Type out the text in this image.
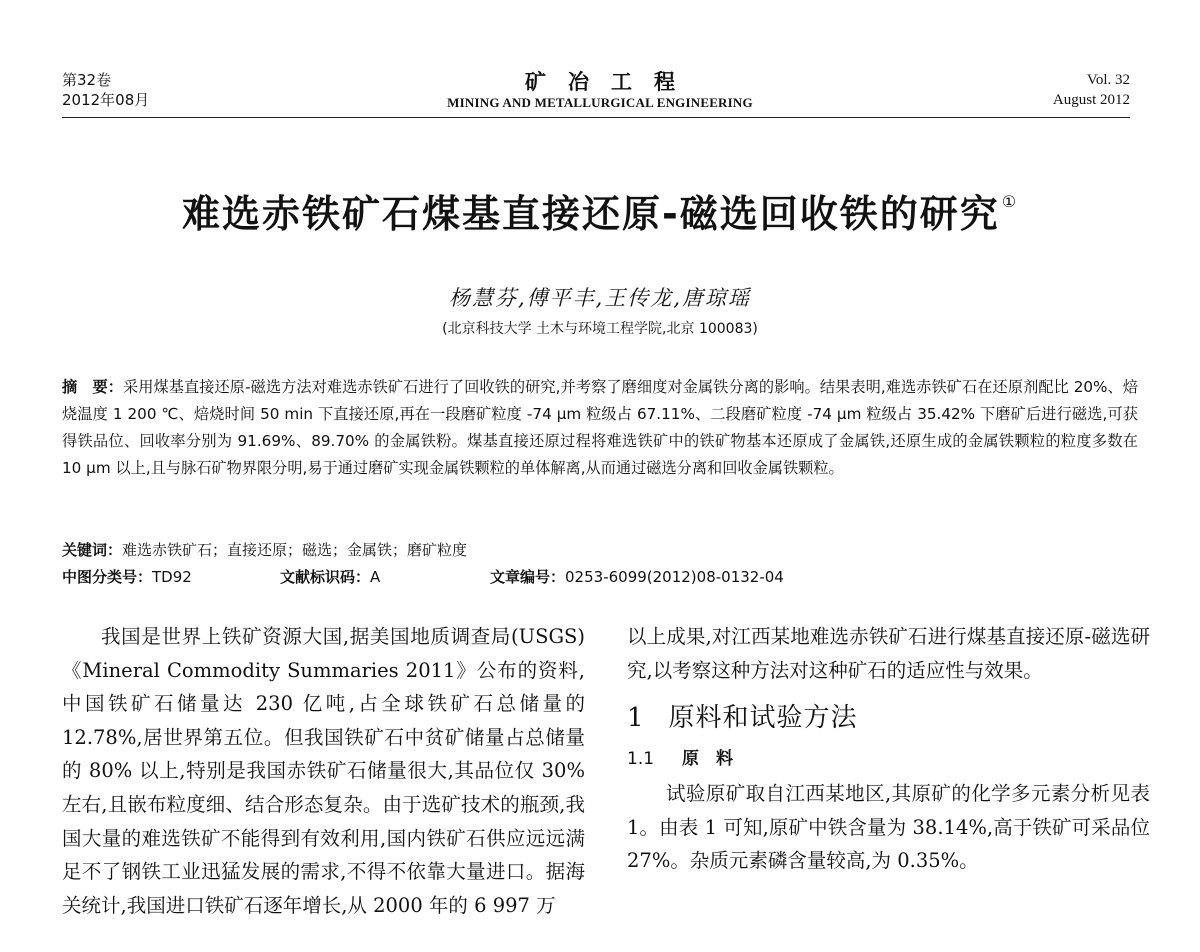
第32卷
2012年08月
矿冶工程
MINING AND METALLURGICAL ENGINEERING
Vol. 32
August 2012
难选赤铁矿石煤基直接还原-磁选回收铁的研究 ①
杨慧芬,傅平丰,王传龙,唐琼瑶
(北京科技大学 土木与环境工程学院,北京 100083)
摘　要：采用煤基直接还原-磁选方法对难选赤铁矿石进行了回收铁的研究,并考察了磨细度对金属铁分离的影响。结果表明,难选赤铁矿石在还原剂配比 20%、焙烧温度 1 200 ℃、焙烧时间 50 min 下直接还原,再在一段磨矿粒度 -74 μm 粒级占 67.11%、二段磨矿粒度 -74 μm 粒级占 35.42% 下磨矿后进行磁选,可获得铁品位、回收率分别为 91.69%、89.70% 的金属铁粉。煤基直接还原过程将难选铁矿中的铁矿物基本还原成了金属铁,还原生成的金属铁颗粒的粒度多数在 10 μm 以上,且与脉石矿物界限分明,易于通过磨矿实现金属铁颗粒的单体解离,从而通过磁选分离和回收金属铁颗粒。
关键词：难选赤铁矿石；直接还原；磁选；金属铁；磨矿粒度
中图分类号：TD92	文献标识码：A	文章编号：0253-6099(2012)08-0132-04

我国是世界上铁矿资源大国,据美国地质调查局(USGS)《Mineral Commodity Summaries 2011》公布的资料,中国铁矿石储量达 230 亿吨,占全球铁矿石总储量的 12.78%,居世界第五位。但我国铁矿石中贫矿储量占总储量的 80% 以上,特别是我国赤铁矿石储量很大,其品位仅 30% 左右,且嵌布粒度细、结合形态复杂。由于选矿技术的瓶颈,我国大量的难选铁矿不能得到有效利用,国内铁矿石供应远远满足不了钢铁工业迅猛发展的需求,不得不依靠大量进口。据海关统计,我国进口铁矿石逐年增长,从 2000 年的 6 997 万

以上成果,对江西某地难选赤铁矿石进行煤基直接还原-磁选研究,以考察这种方法对这种矿石的适应性与效果。

1 原料和试验方法
1.1 原　料

试验原矿取自江西某地区,其原矿的化学多元素分析见表 1。由表 1 可知,原矿中铁含量为 38.14%,高于铁矿可采品位 27%。杂质元素磷含量较高,为 0.35%。
